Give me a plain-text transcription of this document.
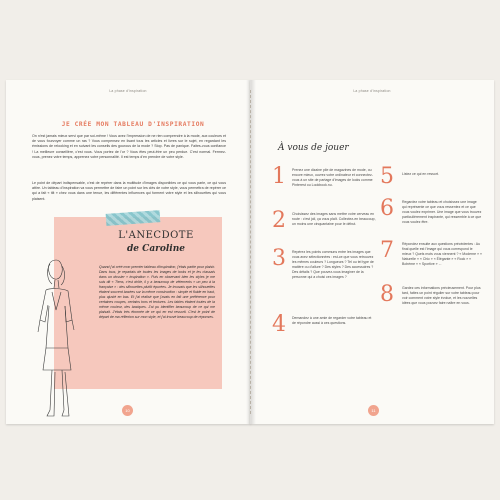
La phase d'inspiration
JE CRÉE MON TABLEAU D'INSPIRATION
On n'est jamais mieux servi que par soi-même ! Vous avez l'impression de ne rien comprendre à la mode, aux couleurs et de vous fourvoyer comme un ras ? Vous compensez en lisant tous les articles et livres sur le sujet, en regardant les émissions de relooking et en suivant les conseils des gourous de la mode ? Stop. Pas de panique. Faites-vous confiance ! La meilleure conseillère, c'est vous. Vous portez de l'or ? Vous êtes peut-être un peu perdue. C'est normal. Fermez-vous, prenez votre temps, apprenez votre personnalité. Il est temps d'en prendre de votre style.
Le point de départ indispensable, c'est de repérer dans la multitude d'images disponibles ce qui vous parle, ce qui vous attire. Un tableau d'inspiration va vous permettre de faire un point sur les clés de votre style, vous permettra de repérer ce qui a fait « tilt » chez vous dans une tenue, les différentes influences qui forment votre style et les silhouettes qui vous plaisent.
L'ANECDOTE
de Caroline
Quand j'ai créé mon premier tableau d'inspiration, j'étais partie pour plaisir. Dans tous, je repartais de toutes les images de looks et je les classais dans un dossier « inspiration ». Puis en observant bien les styles je me suis dit « Tiens, c'est drôle, il y a beaucoup de vêtements « un peu à la française » : des silhouettes plutôt épurées. Je trouvais que les silhouettes étaient souvent basées sur la même construction : simple et fluide en haut, plus ajusté en bas. Et j'ai réalisé que j'avais en fait une préférence pour certaines coupes, certains tons et textures. Les tables étaient toutes de la même couleur, des basiques. J'ai pu identifier beaucoup de ce qui me plaisait. J'étais très étonnée de ce qui en est ressorti. C'est le point de départ de ma réflexion sur mon style, et j'ai trouvé beaucoup de réponses.
10
La phase d'inspiration
À vous de jouer
1 Prenez une dizaine pile de magazines de mode, ou encore mieux, ouvrez votre ordinateur et connectez-vous à un site de partage d'images de looks comme Pinterest ou Lookbook.nu.
2 Choisissez des images sans mettre votre cerveau en route : c'est joli, ça vous plaît. Collectez-en beaucoup, un moins une cinquantaine pour le début.
3 Repérez les points communs entre les images que vous avez sélectionnées : est-ce que vous retrouvez les mêmes couleurs ? Longueurs ? Tel ou tel type de matière ou d'allure ? Des styles ? Des accessoires ? Des détails ? Que pouvez-vous imaginer de la personne qui a choisi ces images ?
4 Demandez à une amie de regarder votre tableau et de répondre aussi à ces questions.
5 Listez ce qui en ressort.
6 Regardez votre tableau et choisissez une image qui représente ce que vous ressentez et ce que vous voulez exprimer. Une image que vous trouvez particulièrement inspirante, qui ressemble à ce que vous voulez être.
7 Répondez ensuite aux questions précédentes : Au final quelle est l'image qui vous correspond le mieux ? Quels mots vous viennent ? « Moderne » « Naturelle » « Chic » « Élégante » « Rock » « Bohème » « Sportive » ...
8 Gardez ces informations précieusement. Pour plus tard, faites un point régulier sur votre tableau pour voir comment votre style évolue, et les nouvelles idées que vous pouvez faire naître en vous.
11
